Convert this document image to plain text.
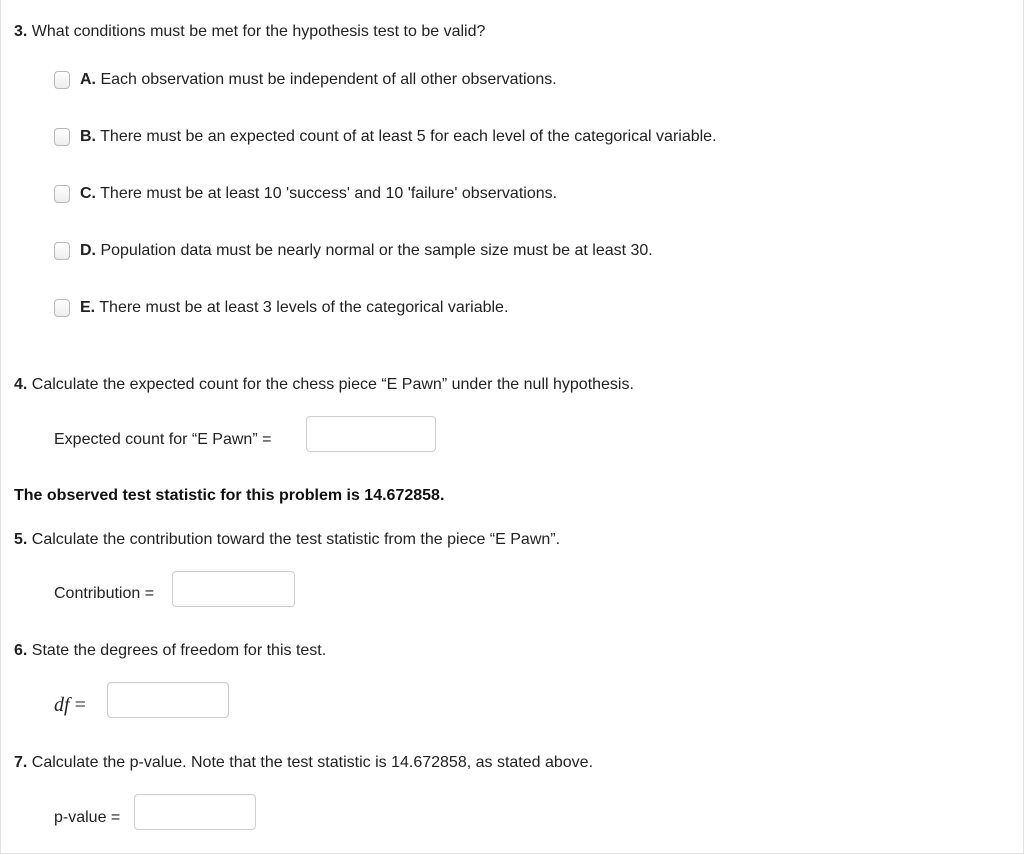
3. What conditions must be met for the hypothesis test to be valid?
A. Each observation must be independent of all other observations.
B. There must be an expected count of at least 5 for each level of the categorical variable.
C. There must be at least 10 'success' and 10 'failure' observations.
D. Population data must be nearly normal or the sample size must be at least 30.
E. There must be at least 3 levels of the categorical variable.
4. Calculate the expected count for the chess piece “E Pawn” under the null hypothesis.
Expected count for “E Pawn” =
The observed test statistic for this problem is 14.672858.
5. Calculate the contribution toward the test statistic from the piece “E Pawn”.
Contribution =
6. State the degrees of freedom for this test.
df =
7. Calculate the p-value. Note that the test statistic is 14.672858, as stated above.
p-value =
